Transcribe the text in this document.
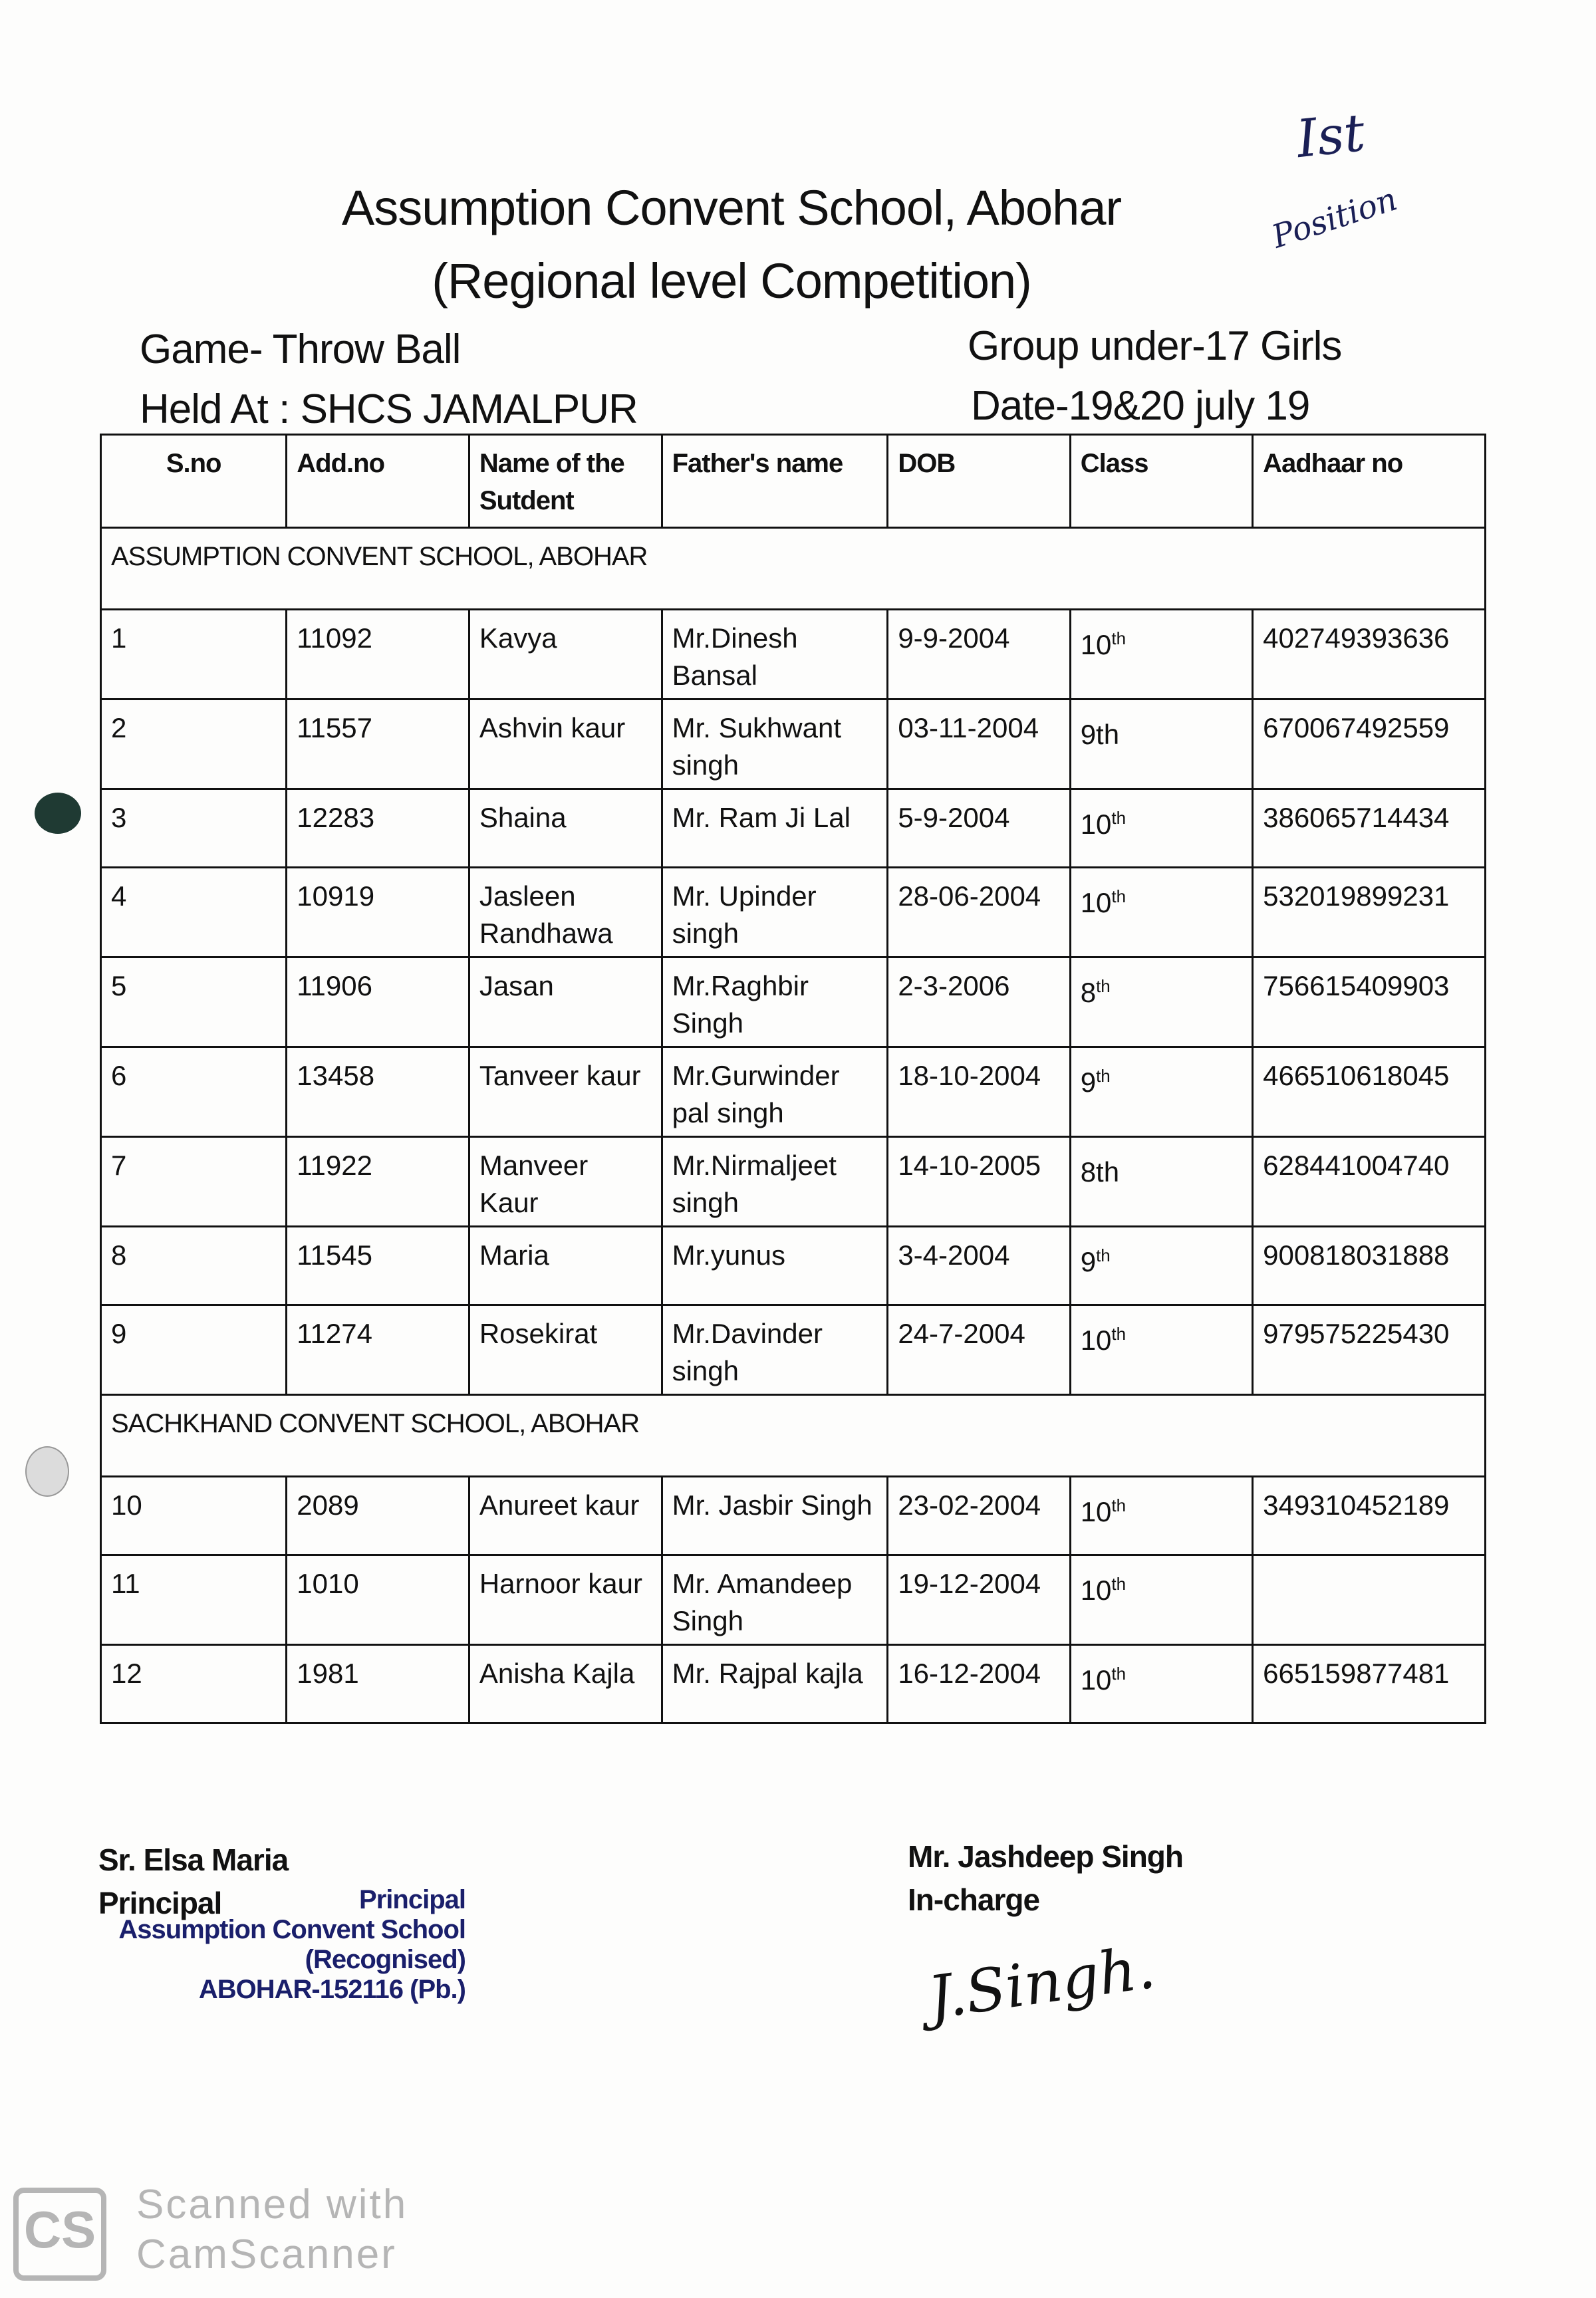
Ist
Position
Assumption Convent School, Abohar
(Regional level Competition)
Game- Throw Ball	Group under-17 Girls
Held At : SHCS JAMALPUR	Date-19&20 july 19
S.no	Add.no	Name of the Sutdent	Father's name	DOB	Class	Aadhaar no
ASSUMPTION CONVENT SCHOOL, ABOHAR						
1	11092	Kavya	Mr.Dinesh Bansal	9-9-2004	10th	402749393636
2	11557	Ashvin kaur	Mr. Sukhwant singh	03-11-2004	9th	670067492559
3	12283	Shaina	Mr. Ram Ji Lal	5-9-2004	10th	386065714434
4	10919	Jasleen Randhawa	Mr. Upinder singh	28-06-2004	10th	532019899231
5	11906	Jasan	Mr.Raghbir Singh	2-3-2006	8th	756615409903
6	13458	Tanveer kaur	Mr.Gurwinder pal singh	18-10-2004	9th	466510618045
7	11922	Manveer Kaur	Mr.Nirmaljeet singh	14-10-2005	8th	628441004740
8	11545	Maria	Mr.yunus	3-4-2004	9th	900818031888
9	11274	Rosekirat	Mr.Davinder singh	24-7-2004	10th	979575225430
SACHKHAND CONVENT SCHOOL, ABOHAR						
10	2089	Anureet kaur	Mr. Jasbir Singh	23-02-2004	10th	349310452189
11	1010	Harnoor kaur	Mr. Amandeep Singh	19-12-2004	10th	
12	1981	Anisha Kajla	Mr. Rajpal kajla	16-12-2004	10th	665159877481
Sr. Elsa Maria
Principal	Principal
Assumption Convent School
(Recognised)
ABOHAR-152116 (Pb.)
Mr. Jashdeep Singh
In-charge
J.Singh.
CS Scanned with
CamScanner
